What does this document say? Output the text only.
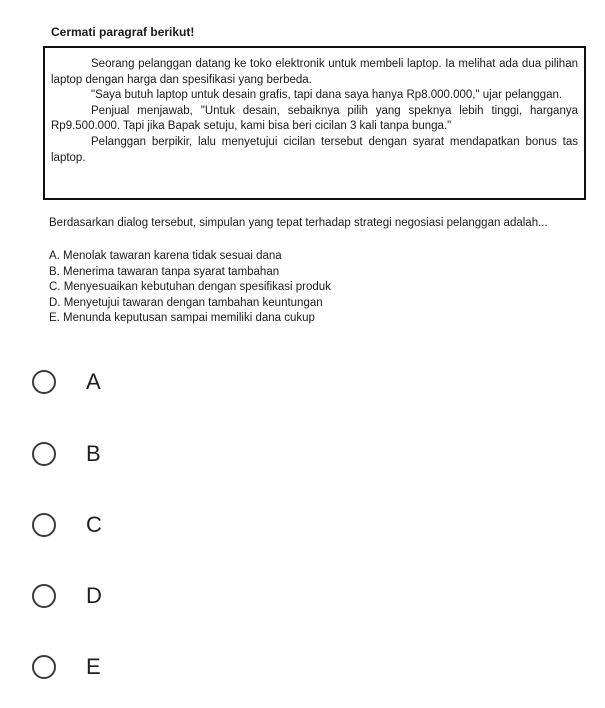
Cermati paragraf berikut!

Seorang pelanggan datang ke toko elektronik untuk membeli laptop. Ia melihat ada dua pilihan laptop dengan harga dan spesifikasi yang berbeda.

"Saya butuh laptop untuk desain grafis, tapi dana saya hanya Rp8.000.000," ujar pelanggan.

Penjual menjawab, "Untuk desain, sebaiknya pilih yang speknya lebih tinggi, harganya Rp9.500.000. Tapi jika Bapak setuju, kami bisa beri cicilan 3 kali tanpa bunga."

Pelanggan berpikir, lalu menyetujui cicilan tersebut dengan syarat mendapatkan bonus tas laptop.

Berdasarkan dialog tersebut, simpulan yang tepat terhadap strategi negosiasi pelanggan adalah...
A. Menolak tawaran karena tidak sesuai dana
B. Menerima tawaran tanpa syarat tambahan
C. Menyesuaikan kebutuhan dengan spesifikasi produk
D. Menyetujui tawaran dengan tambahan keuntungan
E. Menunda keputusan sampai memiliki dana cukup
A
B
C
D
E
